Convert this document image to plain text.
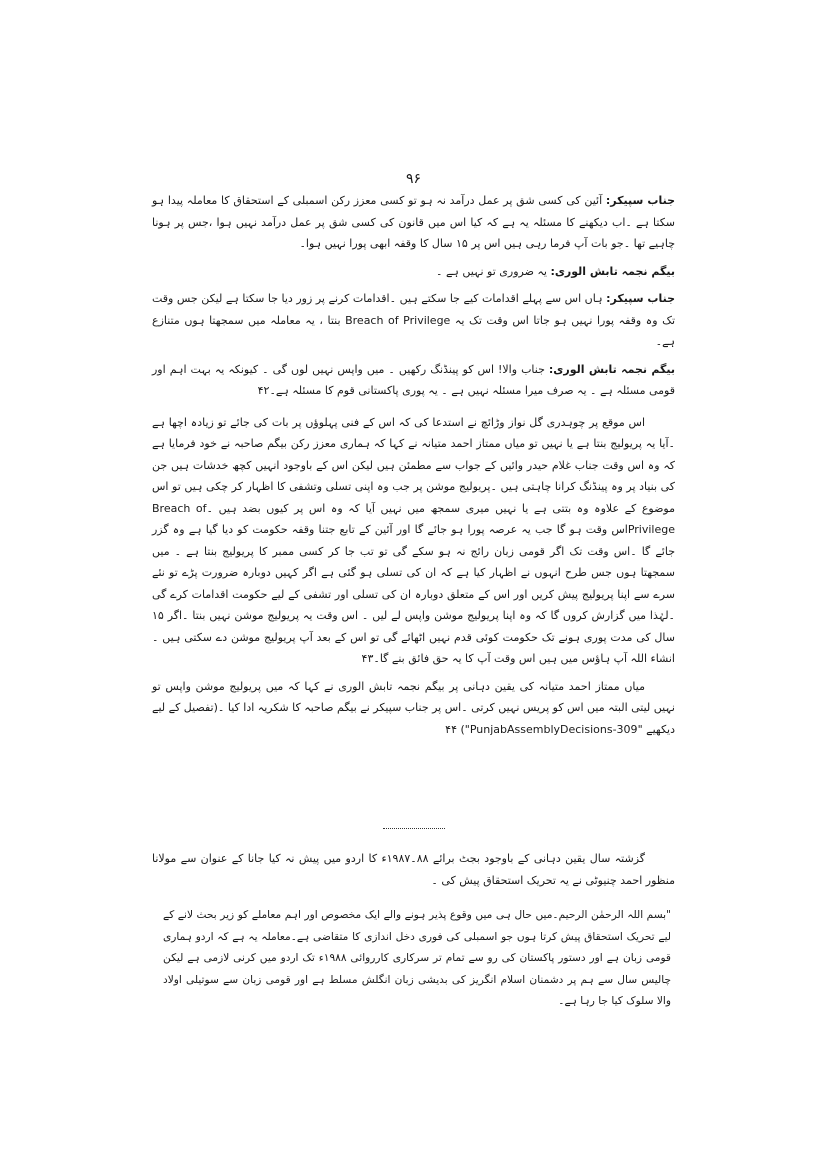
۹۶

جناب سپیکر: آئین کی کسی شق پر عمل درآمد نہ ہو تو کسی معزز رکن اسمبلی کے استحقاق کا معاملہ پیدا ہو سکتا ہے ۔اب دیکھنے کا مسئلہ یہ ہے کہ کیا اس میں قانون کی کسی شق پر عمل درآمد نہیں ہوا ،جس پر ہونا چاہیے تھا ۔جو بات آپ فرما رہی ہیں اس پر ۱۵ سال کا وقفہ ابھی پورا نہیں ہوا۔

بیگم نجمہ تابش الوری: یہ ضروری تو نہیں ہے ۔

جناب سپیکر: ہاں اس سے پہلے اقدامات کیے جا سکتے ہیں ۔اقدامات کرنے پر زور دیا جا سکتا ہے لیکن جس وقت تک وہ وقفہ پورا نہیں ہو جاتا اس وقت تک یہ Breach of Privilege بنتا ، یہ معاملہ میں سمجھتا ہوں متنازع ہے۔

بیگم نجمہ تابش الوری: جناب والا! اس کو پینڈنگ رکھیں ۔ میں واپس نہیں لوں گی ۔ کیونکہ یہ بہت اہم اور قومی مسئلہ ہے ۔ یہ صرف میرا مسئلہ نہیں ہے ۔ یہ پوری پاکستانی قوم کا مسئلہ ہے۔۴۲

اس موقع پر چوہدری گل نواز وڑائچ نے استدعا کی کہ اس کے فنی پہلوؤں پر بات کی جائے تو زیادہ اچھا ہے ۔آیا یہ پریولیج بنتا ہے یا نہیں تو میاں ممتاز احمد متیانہ نے کہا کہ ہماری معزز رکن بیگم صاحبہ نے خود فرمایا ہے کہ وہ اس وقت جناب غلام حیدر وائیں کے جواب سے مطمئن ہیں لیکن اس کے باوجود انہیں کچھ خدشات ہیں جن کی بنیاد پر وہ پینڈنگ کرانا چاہتی ہیں ۔پریولیج موشن پر جب وہ اپنی تسلی وتشفی کا اظہار کر چکی ہیں تو اس موضوع کے علاوہ وہ بتتی ہے یا نہیں میری سمجھ میں نہیں آیا کہ وہ اس پر کیوں بضد ہیں ۔Breach of Privilegeاس وقت ہو گا جب یہ عرصہ پورا ہو جائے گا اور آئین کے تابع جتنا وقفہ حکومت کو دیا گیا ہے وہ گزر جائے گا ۔اس وقت تک اگر قومی زبان رائج نہ ہو سکے گی تو تب جا کر کسی ممبر کا پریولیج بنتا ہے ۔ میں سمجھتا ہوں جس طرح انہوں نے اظہار کیا ہے کہ ان کی تسلی ہو گئی ہے اگر کہیں دوبارہ ضرورت پڑے تو نئے سرے سے اپنا پریولیج پیش کریں اور اس کے متعلق دوبارہ ان کی تسلی اور تشفی کے لیے حکومت اقدامات کرے گی ۔لہٰذا میں گزارش کروں گا کہ وہ اپنا پریولیج موشن واپس لے لیں ۔ اس وقت یہ پریولیج موشن نہیں بنتا ۔اگر ۱۵ سال کی مدت پوری ہونے تک حکومت کوئی قدم نہیں اٹھائے گی تو اس کے بعد آپ پریولیج موشن دے سکتی ہیں ۔انشاء اللہ آپ ہاؤس میں ہیں اس وقت آپ کا یہ حق فائق بنے گا۔۴۳

میاں ممتاز احمد متیانہ کی یقین دہانی پر بیگم نجمہ تابش الوری نے کہا کہ میں پریولیج موشن واپس تو نہیں لیتی البتہ میں اس کو پریس نہیں کرتی ۔اس پر جناب سپیکر نے بیگم صاحبہ کا شکریہ ادا کیا ۔(تفصیل کے لیے دیکھیے "PunjabAssemblyDecisions-309") ۴۴

گزشتہ سال یقین دہانی کے باوجود بجٹ برائے ۸۸۔۱۹۸۷ء کا اردو میں پیش نہ کیا جانا کے عنوان سے مولانا منظور احمد چنیوٹی نے یہ تحریک استحقاق پیش کی ۔

"بسم اللہ الرحمٰن الرحیم۔میں حال ہی میں وقوع پذیر ہونے والے ایک مخصوص اور اہم معاملے کو زیر بحث لانے کے لیے تحریک استحقاق پیش کرتا ہوں جو اسمبلی کی فوری دخل اندازی کا متقاضی ہے۔معاملہ یہ ہے کہ اردو ہماری قومی زبان ہے اور دستور پاکستان کی رو سے تمام تر سرکاری کارروائی ۱۹۸۸ء تک اردو میں کرنی لازمی ہے لیکن چالیس سال سے ہم پر دشمنان اسلام انگریز کی بدیشی زبان انگلش مسلط ہے اور قومی زبان سے سوتیلی اولاد والا سلوک کیا جا رہا ہے۔
